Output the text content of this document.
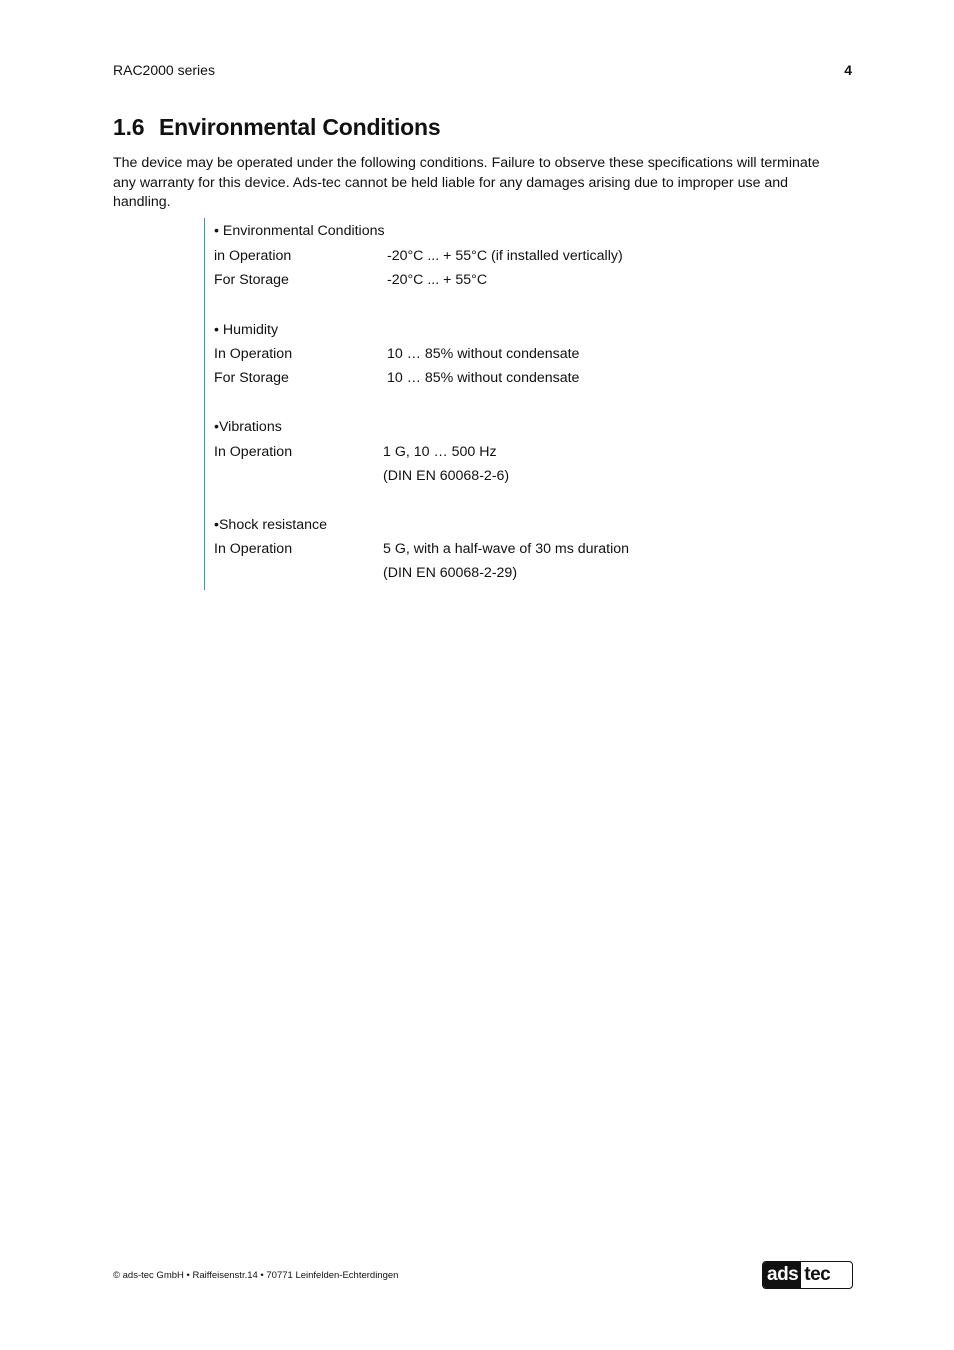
RAC2000 series	4
1.6 Environmental Conditions

The device may be operated under the following conditions. Failure to observe these specifications will terminate any warranty for this device. Ads-tec cannot be held liable for any damages arising due to improper use and handling.

• Environmental Conditions
in Operation	-20°C ... + 55°C (if installed vertically)
For Storage	-20°C ... + 55°C
• Humidity
In Operation	10 … 85% without condensate
For Storage	10 … 85% without condensate
•Vibrations
In Operation	1 G, 10 … 500 Hz
(DIN EN 60068-2-6)
•Shock resistance
In Operation	5 G, with a half-wave of 30 ms duration
(DIN EN 60068-2-29)
© ads-tec GmbH • Raiffeisenstr.14 • 70771 Leinfelden-Echterdingen	ads tec
